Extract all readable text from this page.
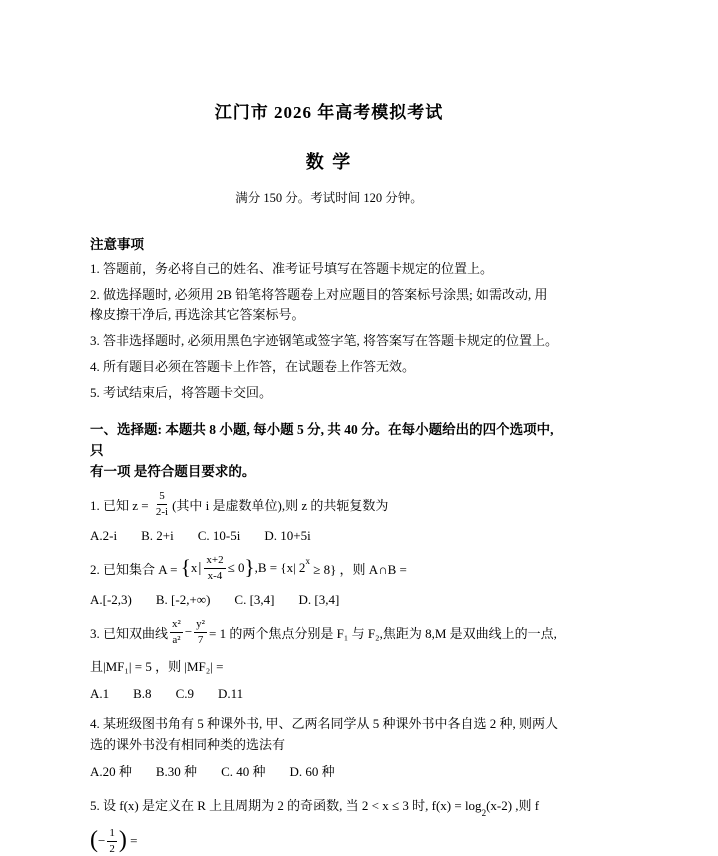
江门市 2026 年高考模拟考试
数 学
满分 150 分。考试时间 120 分钟。
注意事项

1. 答题前，务必将自己的姓名、准考证号填写在答题卡规定的位置上。

2. 做选择题时, 必须用 2B 铅笔将答题卷上对应题目的答案标号涂黑; 如需改动, 用
橡皮擦干净后, 再选涂其它答案标号。

3. 答非选择题时, 必须用黑色字迹钢笔或签字笔, 将答案写在答题卡规定的位置上。

4. 所有题目必须在答题卡上作答，在试题卷上作答无效。

5. 考试结束后，将答题卡交回。

一、选择题: 本题共 8 小题, 每小题 5 分, 共 40 分。在每小题给出的四个选项中, 只
有一项 是符合题目要求的。
1. 已知 $z = \frac{5}{2-i}$ (其中 i 是虚数单位),则 z 的共轭复数为
A.2-i B. 2+i C. 10-5i D. 10+5i
2. 已知集合 A = { x | $\frac{x+2}{x-4} \le 0$ } ,B = {x| 2 x
≥ 8} ，则 A∩B =
A.[-2,3) B. [-2,+∞) C. [3,4] D. [3,4]
3. 已知双曲线 $\frac{\text{x²}}{\text{a²}} - \frac{\text{y²}}{7} = 1$ 的两个焦点分别是 F₁ 与 F₂,焦距为 8,M 是双曲线上的一点,
且|MF₁| = 5 ，则 |MF₂| =
A.1 B.8 C.9 D.11
4. 某班级图书角有 5 种课外书, 甲、乙两名同学从 5 种课外书中各自选 2 种, 则两人
选的课外书没有相同种类的选法有
A.20 种 B.30 种 C. 40 种 D. 60 种
5. 设 f(x) 是定义在 R 上且周期为 2 的奇函数, 当 2 < x ≤ 3 时, f(x) = log
2
(x-2) ,则 f
( − $\frac{1}{2}$ ) =
